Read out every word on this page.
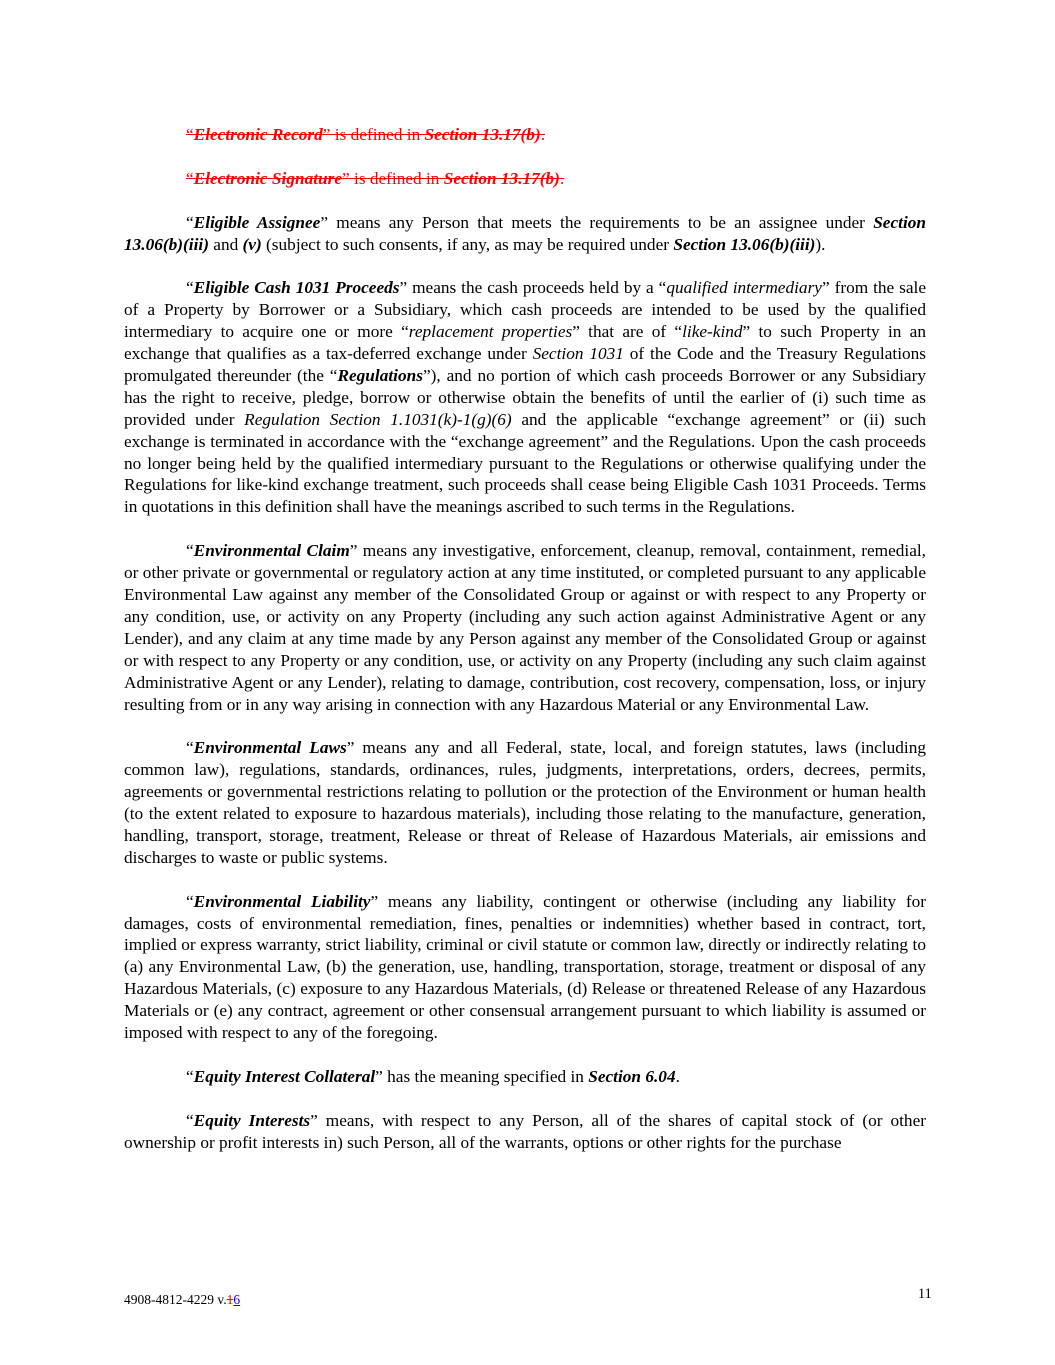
“Electronic Record” is defined in Section 13.17(b).

“Electronic Signature” is defined in Section 13.17(b).

“Eligible Assignee” means any Person that meets the requirements to be an assignee under Section 13.06(b)(iii) and (v) (subject to such consents, if any, as may be required under Section 13.06(b)(iii)).

“Eligible Cash 1031 Proceeds” means the cash proceeds held by a “qualified intermediary” from the sale of a Property by Borrower or a Subsidiary, which cash proceeds are intended to be used by the qualified intermediary to acquire one or more “replacement properties” that are of “like-kind” to such Property in an exchange that qualifies as a tax-deferred exchange under Section 1031 of the Code and the Treasury Regulations promulgated thereunder (the “Regulations”), and no portion of which cash proceeds Borrower or any Subsidiary has the right to receive, pledge, borrow or otherwise obtain the benefits of until the earlier of (i) such time as provided under Regulation Section 1.1031(k)-1(g)(6) and the applicable “exchange agreement” or (ii) such exchange is terminated in accordance with the “exchange agreement” and the Regulations. Upon the cash proceeds no longer being held by the qualified intermediary pursuant to the Regulations or otherwise qualifying under the Regulations for like-kind exchange treatment, such proceeds shall cease being Eligible Cash 1031 Proceeds. Terms in quotations in this definition shall have the meanings ascribed to such terms in the Regulations.

“Environmental Claim” means any investigative, enforcement, cleanup, removal, containment, remedial, or other private or governmental or regulatory action at any time instituted, or completed pursuant to any applicable Environmental Law against any member of the Consolidated Group or against or with respect to any Property or any condition, use, or activity on any Property (including any such action against Administrative Agent or any Lender), and any claim at any time made by any Person against any member of the Consolidated Group or against or with respect to any Property or any condition, use, or activity on any Property (including any such claim against Administrative Agent or any Lender), relating to damage, contribution, cost recovery, compensation, loss, or injury resulting from or in any way arising in connection with any Hazardous Material or any Environmental Law.

“Environmental Laws” means any and all Federal, state, local, and foreign statutes, laws (including common law), regulations, standards, ordinances, rules, judgments, interpretations, orders, decrees, permits, agreements or governmental restrictions relating to pollution or the protection of the Environment or human health (to the extent related to exposure to hazardous materials), including those relating to the manufacture, generation, handling, transport, storage, treatment, Release or threat of Release of Hazardous Materials, air emissions and discharges to waste or public systems.

“Environmental Liability” means any liability, contingent or otherwise (including any liability for damages, costs of environmental remediation, fines, penalties or indemnities) whether based in contract, tort, implied or express warranty, strict liability, criminal or civil statute or common law, directly or indirectly relating to (a) any Environmental Law, (b) the generation, use, handling, transportation, storage, treatment or disposal of any Hazardous Materials, (c) exposure to any Hazardous Materials, (d) Release or threatened Release of any Hazardous Materials or (e) any contract, agreement or other consensual arrangement pursuant to which liability is assumed or imposed with respect to any of the foregoing.

“Equity Interest Collateral” has the meaning specified in Section 6.04.

“Equity Interests” means, with respect to any Person, all of the shares of capital stock of (or other ownership or profit interests in) such Person, all of the warrants, options or other rights for the purchase

4908-4812-4229 v.16	11
